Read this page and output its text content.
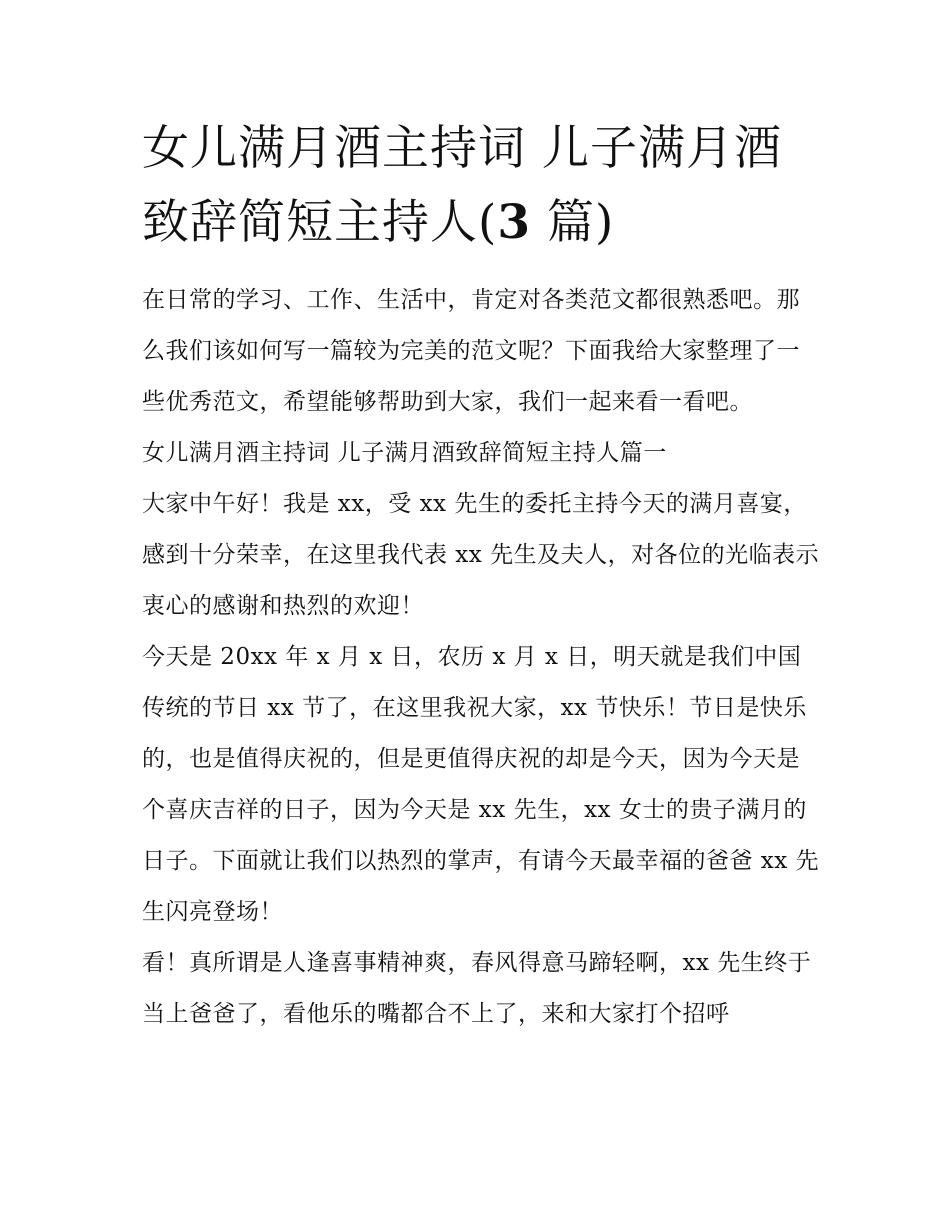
女儿满月酒主持词 儿子满月酒致辞简短主持人(3 篇)

在日常的学习、工作、生活中，肯定对各类范文都很熟悉吧。那么我们该如何写一篇较为完美的范文呢？下面我给大家整理了一些优秀范文，希望能够帮助到大家，我们一起来看一看吧。

女儿满月酒主持词 儿子满月酒致辞简短主持人篇一

大家中午好！我是 xx，受 xx 先生的委托主持今天的满月喜宴，感到十分荣幸，在这里我代表 xx 先生及夫人，对各位的光临表示衷心的感谢和热烈的欢迎！

今天是 20xx 年 x 月 x 日，农历 x 月 x 日，明天就是我们中国传统的节日 xx 节了，在这里我祝大家，xx 节快乐！节日是快乐的，也是值得庆祝的，但是更值得庆祝的却是今天，因为今天是个喜庆吉祥的日子，因为今天是 xx 先生，xx 女士的贵子满月的日子。下面就让我们以热烈的掌声，有请今天最幸福的爸爸 xx 先生闪亮登场！

看！真所谓是人逢喜事精神爽，春风得意马蹄轻啊，xx 先生终于当上爸爸了，看他乐的嘴都合不上了，来和大家打个招呼
